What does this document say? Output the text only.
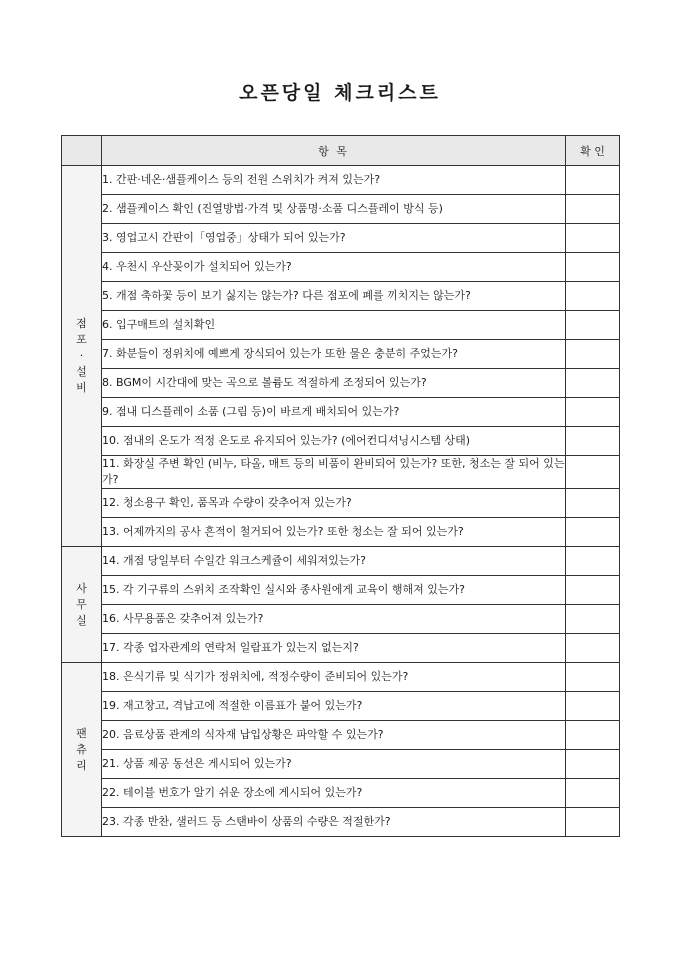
오픈당일 체크리스트
	항 목	확 인

점
포
·
설
비	1. 간판·네온·샘플케이스 등의 전원 스위치가 켜져 있는가?	
	2. 샘플케이스 확인 (진열방법·가격 및 상품명·소품 디스플레이 방식 등)	
	3. 영업고시 간판이「영업중」상태가 되어 있는가?	
	4. 우천시 우산꽂이가 설치되어 있는가?	
	5. 개점 축하꽃 등이 보기 싫지는 않는가? 다른 점포에 폐를 끼치지는 않는가?	
	6. 입구매트의 설치확인	
	7. 화분들이 정위치에 예쁘게 장식되어 있는가 또한 물은 충분히 주었는가?	
	8. BGM이 시간대에 맞는 곡으로 볼륨도 적절하게 조정되어 있는가?	
	9. 점내 디스플레이 소품 (그림 등)이 바르게 배치되어 있는가?	
	10. 점내의 온도가 적정 온도로 유지되어 있는가? (에어컨디셔닝시스템 상태)	
	11. 화장실 주변 확인 (비누, 타올, 매트 등의 비품이 완비되어 있는가? 또한, 청소는 잘 되어 있는가?	
	12. 청소용구 확인, 품목과 수량이 갖추어져 있는가?	
	13. 어제까지의 공사 흔적이 철거되어 있는가? 또한 청소는 잘 되어 있는가?	

사
무
실	14. 개점 당일부터 수일간 워크스케쥴이 세워져있는가?	
	15. 각 기구류의 스위치 조작확인 실시와 종사원에게 교육이 행해져 있는가?	
	16. 사무용품은 갖추어져 있는가?	
	17. 각종 업자관계의 연락처 일람표가 있는지 없는지?	

팬
츄
리	18. 은식기류 및 식기가 정위치에, 적정수량이 준비되어 있는가?	
	19. 재고창고, 격납고에 적절한 이름표가 붙어 있는가?	
	20. 음료상품 관계의 식자재 납입상황은 파악할 수 있는가?	
	21. 상품 제공 동선은 게시되어 있는가?	
	22. 테이블 번호가 알기 쉬운 장소에 게시되어 있는가?	
	23. 각종 반찬, 샐러드 등 스탠바이 상품의 수량은 적절한가?	
